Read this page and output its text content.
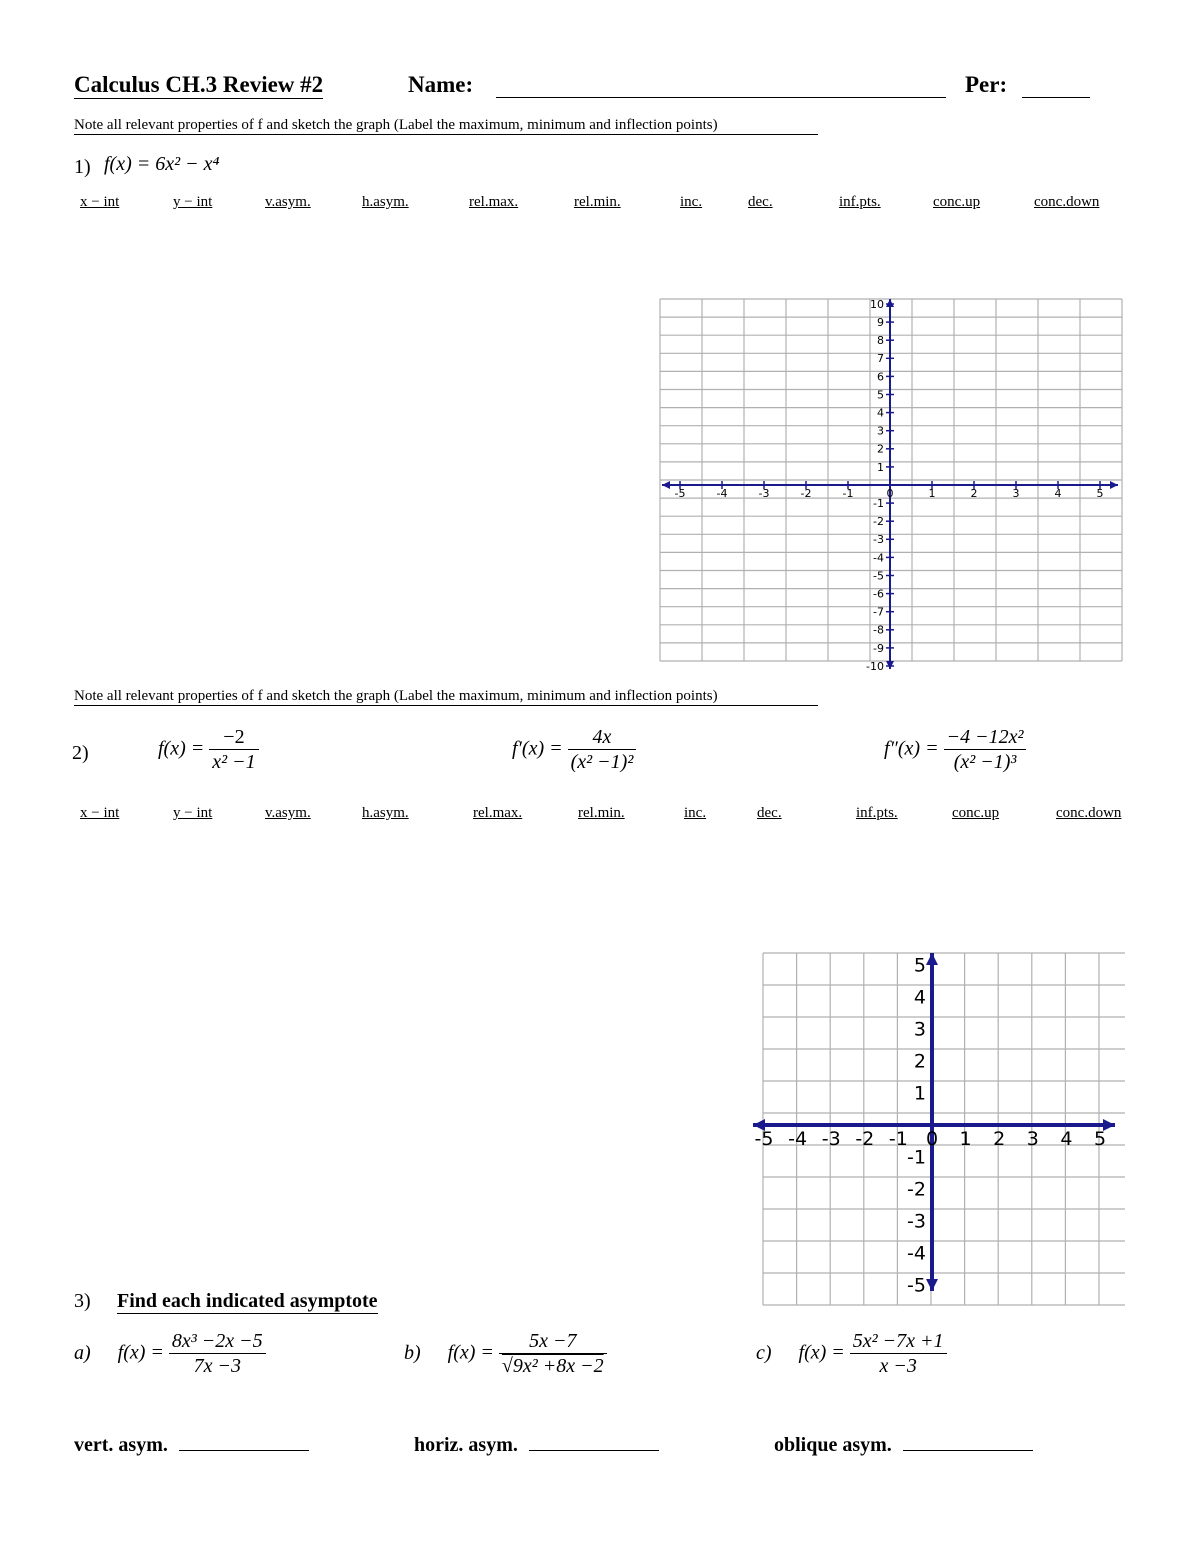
Calculus CH.3 Review #2	Name:	Per:
Note all relevant properties of f and sketch the graph (Label the maximum, minimum and inflection points)
1) f(x) = 6x² − x⁴
x − int	y − int	v.asym.	h.asym.	rel.max.	rel.min.	inc.	dec.	inf.pts.	conc.up	conc.down
-5	-4	-3	-2	-1	0	1	2	3	4	5
10
9
8
7
6
5
4
3
2
1
-1
-2
-3
-4
-5
-6
-7
-8
-9
-10
Note all relevant properties of f and sketch the graph (Label the maximum, minimum and inflection points)
2)	$f(x) = \frac{-2}{\text{x² −1}}$	$f'(x) = \frac{4x}{\text{(x² −1)²}}$	$f''(x) = \frac{\text{−4 −12x²}}{\text{(x² −1)³}}$
x − int	y − int	v.asym.	h.asym.	rel.max.	rel.min.	inc.	dec.	inf.pts.	conc.up	conc.down
-5 -4 -3 -2 -1 0 1 2 3 4 5
5
4
3
2
1
-1
-2
-3
-4
-5
3) Find each indicated asymptote
a) $f(x) = \frac{\text{8x³ −2x −5}}{7x -3}$	b) $f(x) = \frac{5x -7}{\text{√9x² +8x −2}}$	c) $f(x) = \frac{\text{5x² −7x +1}}{x -3}$
vert. asym.	horiz. asym.	oblique asym.
